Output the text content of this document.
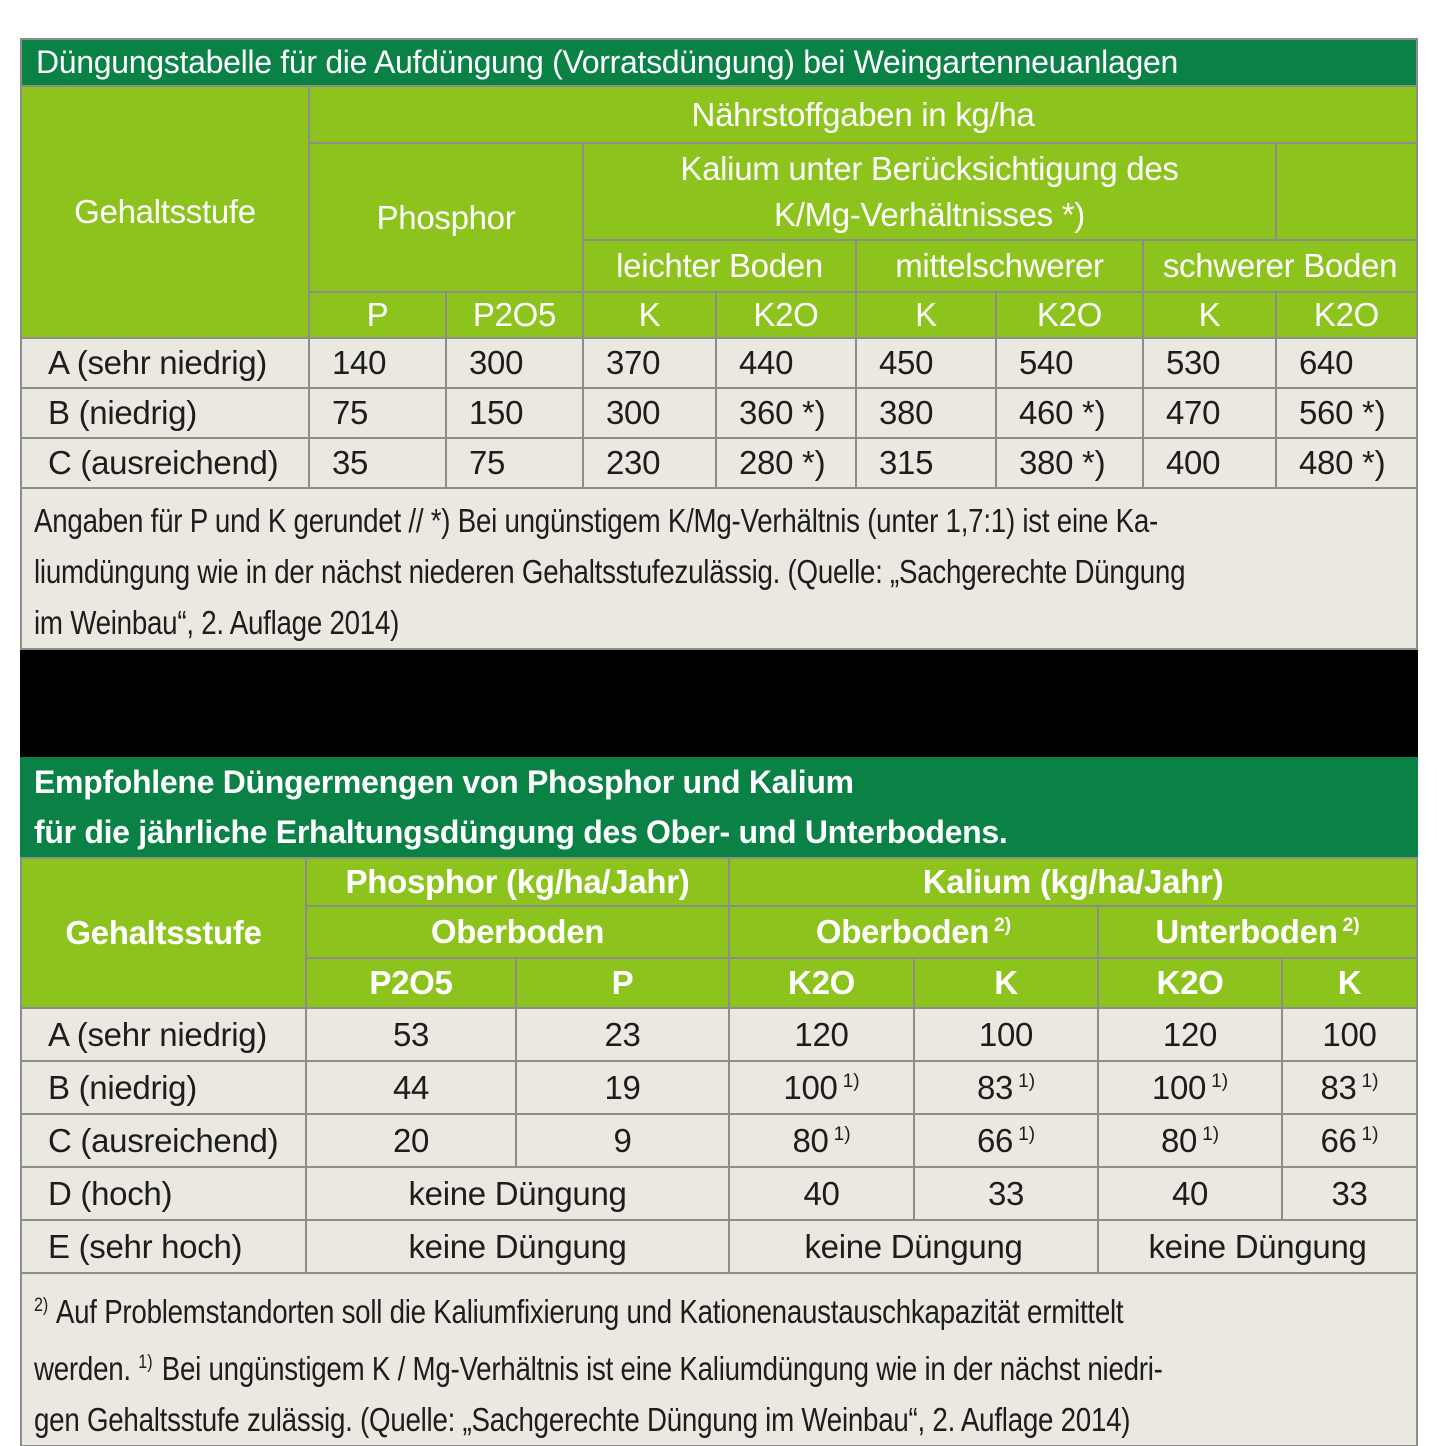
Düngungstabelle für die Aufdüngung (Vorratsdüngung) bei Weingartenneuanlagen								
Gehaltsstufe	Nährstoffgaben in kg/ha							
	Phosphor		Kalium unter Berücksichtigung des
K/Mg-Verhältnisses *)					

			leichter Boden		mittelschwerer		schwerer Boden	
	P	P2O5	K	K2O	K	K2O	K	K2O
A (sehr niedrig)	140	300	370	440	450	540	530	640
B (niedrig)	75	150	300	360 *)	380	460 *)	470	560 *)
C (ausreichend)	35	75	230	280 *)	315	380 *)	400	480 *)

Angaben für P und K gerundet // *) Bei ungünstigem K/Mg-Verhältnis (unter 1,7:1) ist eine Ka-
liumdüngung wie in der nächst niederen Gehaltsstufezulässig. (Quelle: „Sachgerechte Düngung
im Weinbau“, 2. Auflage 2014)								
Empfohlene Düngermengen von Phosphor und Kalium
für die jährliche Erhaltungsdüngung des Ober- und Unterbodens.
Gehaltsstufe	Phosphor (kg/ha/Jahr)		Kalium (kg/ha/Jahr)			
	Oberboden		Oberboden $^{2)}$		Unterboden $^{2)}$
	P2O5	P	K2O	K	K2O	K
A (sehr niedrig)	53	23	120	100	120	100
B (niedrig)	44	19	100 $^{1)}$	83 $^{1)}$	100 $^{1)}$	83 $^{1)}$
C (ausreichend)	20	9	80 $^{1)}$	66 $^{1)}$	80 $^{1)}$	66 $^{1)}$
D (hoch)	keine Düngung		40	33	40	33
E (sehr hoch)	keine Düngung		keine Düngung		keine Düngung	

$^{2)}$ Auf Problemstandorten soll die Kaliumfixierung und Kationenaustauschkapazität ermittelt
werden. $^{1)}$ Bei ungünstigem K / Mg-Verhältnis ist eine Kaliumdüngung wie in der nächst niedri-
gen Gehaltsstufe zulässig. (Quelle: „Sachgerechte Düngung im Weinbau“, 2. Auflage 2014)						
